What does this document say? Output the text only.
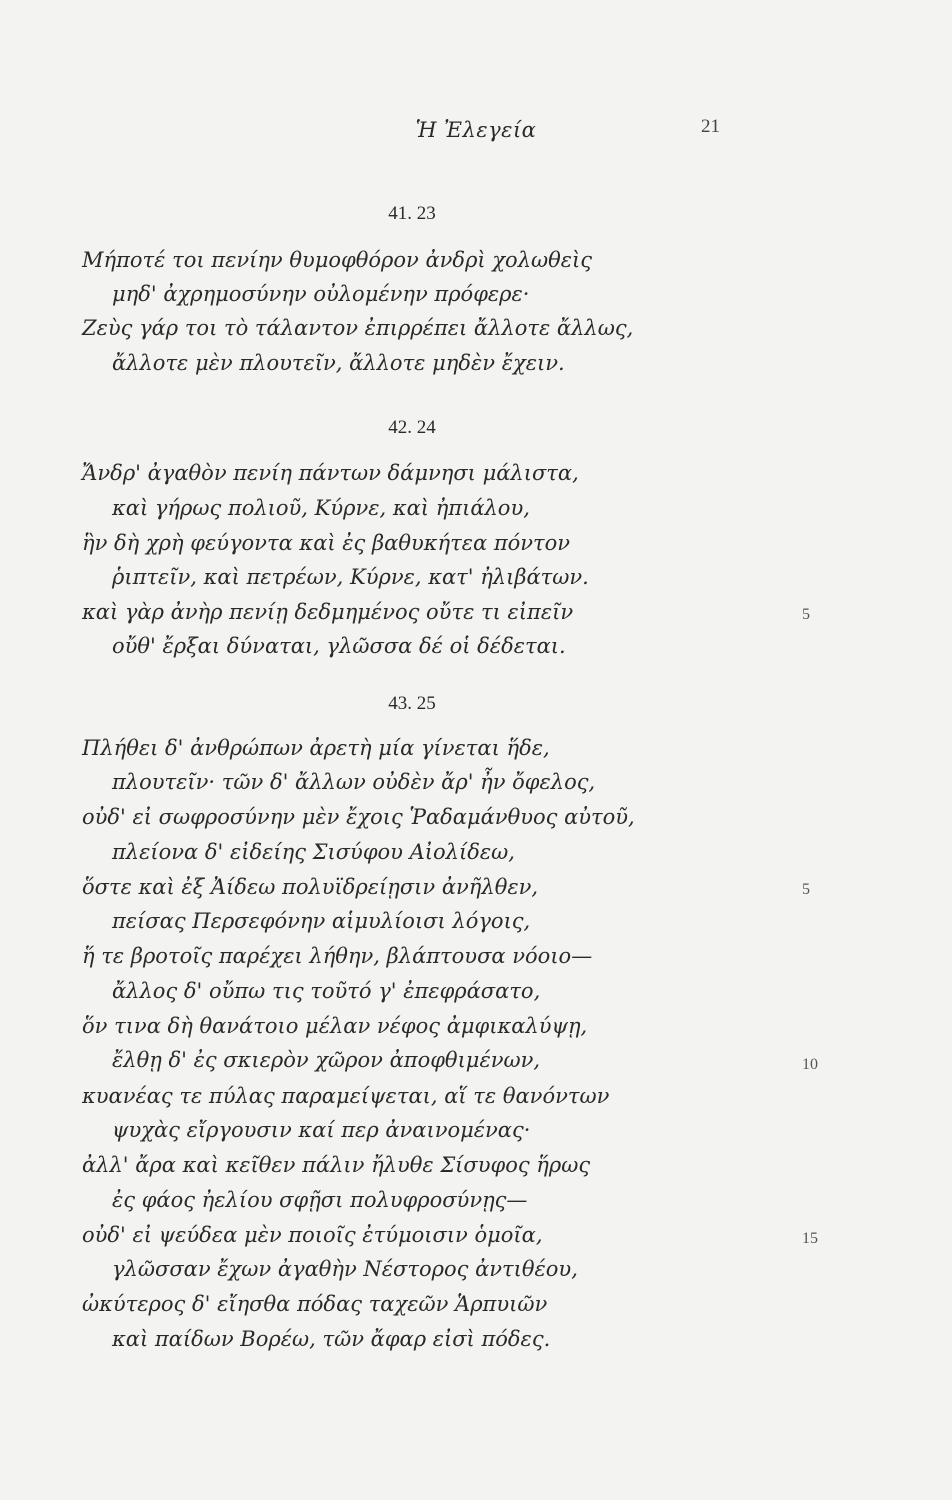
Ἡ Ἐλεγεία	21
41. 23
Μήποτέ τοι πενίην θυμοφθόρον ἀνδρὶ χολωθεὶς
μηδ' ἀχρημοσύνην οὐλομένην πρόφερε·
Ζεὺς γάρ τοι τὸ τάλαντον ἐπιρρέπει ἄλλοτε ἄλλως,
ἄλλοτε μὲν πλουτεῖν, ἄλλοτε μηδὲν ἔχειν.
42. 24
Ἄνδρ' ἀγαθὸν πενίη πάντων δάμνησι μάλιστα,
καὶ γήρως πολιοῦ, Κύρνε, καὶ ἠπιάλου,
ἣν δὴ χρὴ φεύγοντα καὶ ἐς βαθυκήτεα πόντον
ῥιπτεῖν, καὶ πετρέων, Κύρνε, κατ' ἠλιβάτων.
καὶ γὰρ ἀνὴρ πενίῃ δεδμημένος οὔτε τι εἰπεῖν	5
οὔθ' ἔρξαι δύναται, γλῶσσα δέ οἱ δέδεται.
43. 25
Πλήθει δ' ἀνθρώπων ἀρετὴ μία γίνεται ἥδε,
πλουτεῖν· τῶν δ' ἄλλων οὐδὲν ἄρ' ἦν ὄφελος,
οὐδ' εἰ σωφροσύνην μὲν ἔχοις Ῥαδαμάνθυος αὐτοῦ,
πλείονα δ' εἰδείης Σισύφου Αἰολίδεω,
ὅστε καὶ ἐξ Ἀίδεω πολυϊδρείῃσιν ἀνῆλθεν,	5
πείσας Περσεφόνην αἱμυλίοισι λόγοις,
ἥ τε βροτοῖς παρέχει λήθην, βλάπτουσα νόοιο—
ἄλλος δ' οὔπω τις τοῦτό γ' ἐπεφράσατο,
ὅν τινα δὴ θανάτοιο μέλαν νέφος ἀμφικαλύψῃ,
ἔλθῃ δ' ἐς σκιερὸν χῶρον ἀποφθιμένων,	10
κυανέας τε πύλας παραμείψεται, αἵ τε θανόντων
ψυχὰς εἴργουσιν καί περ ἀναινομένας·
ἀλλ' ἄρα καὶ κεῖθεν πάλιν ἤλυθε Σίσυφος ἥρως
ἐς φάος ἠελίου σφῇσι πολυφροσύνῃς—
οὐδ' εἰ ψεύδεα μὲν ποιοῖς ἐτύμοισιν ὁμοῖα,	15
γλῶσσαν ἔχων ἀγαθὴν Νέστορος ἀντιθέου,
ὠκύτερος δ' εἴησθα πόδας ταχεῶν Ἁρπυιῶν
καὶ παίδων Βορέω, τῶν ἄφαρ εἰσὶ πόδες.
